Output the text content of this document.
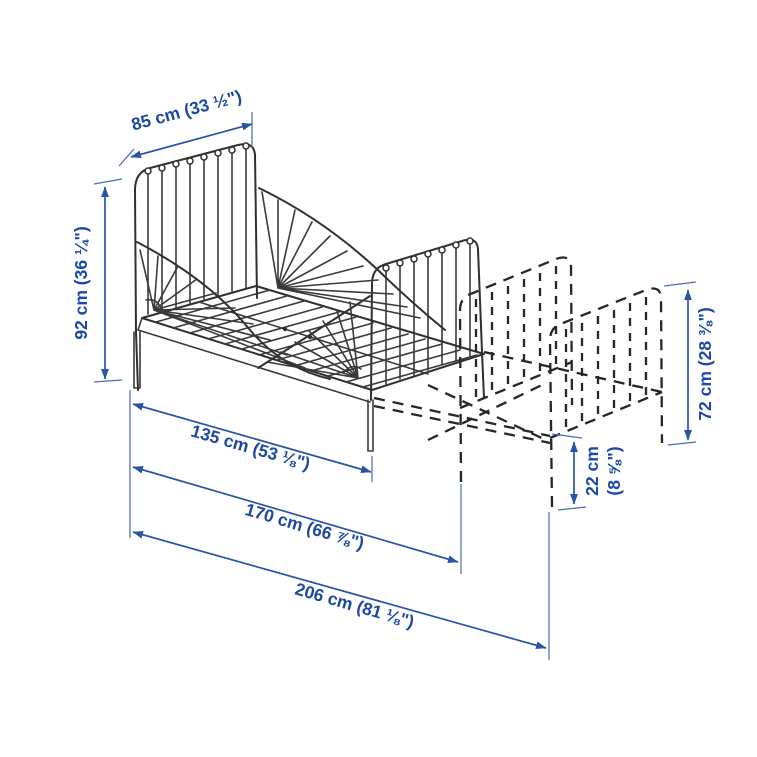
85 cm (33 ½")
92 cm (36 ¼")
135 cm (53 ⅛")
170 cm (66 ⅞")
206 cm (81 ⅛")
72 cm (28 ⅜")
22 cm (8 ⅝")
